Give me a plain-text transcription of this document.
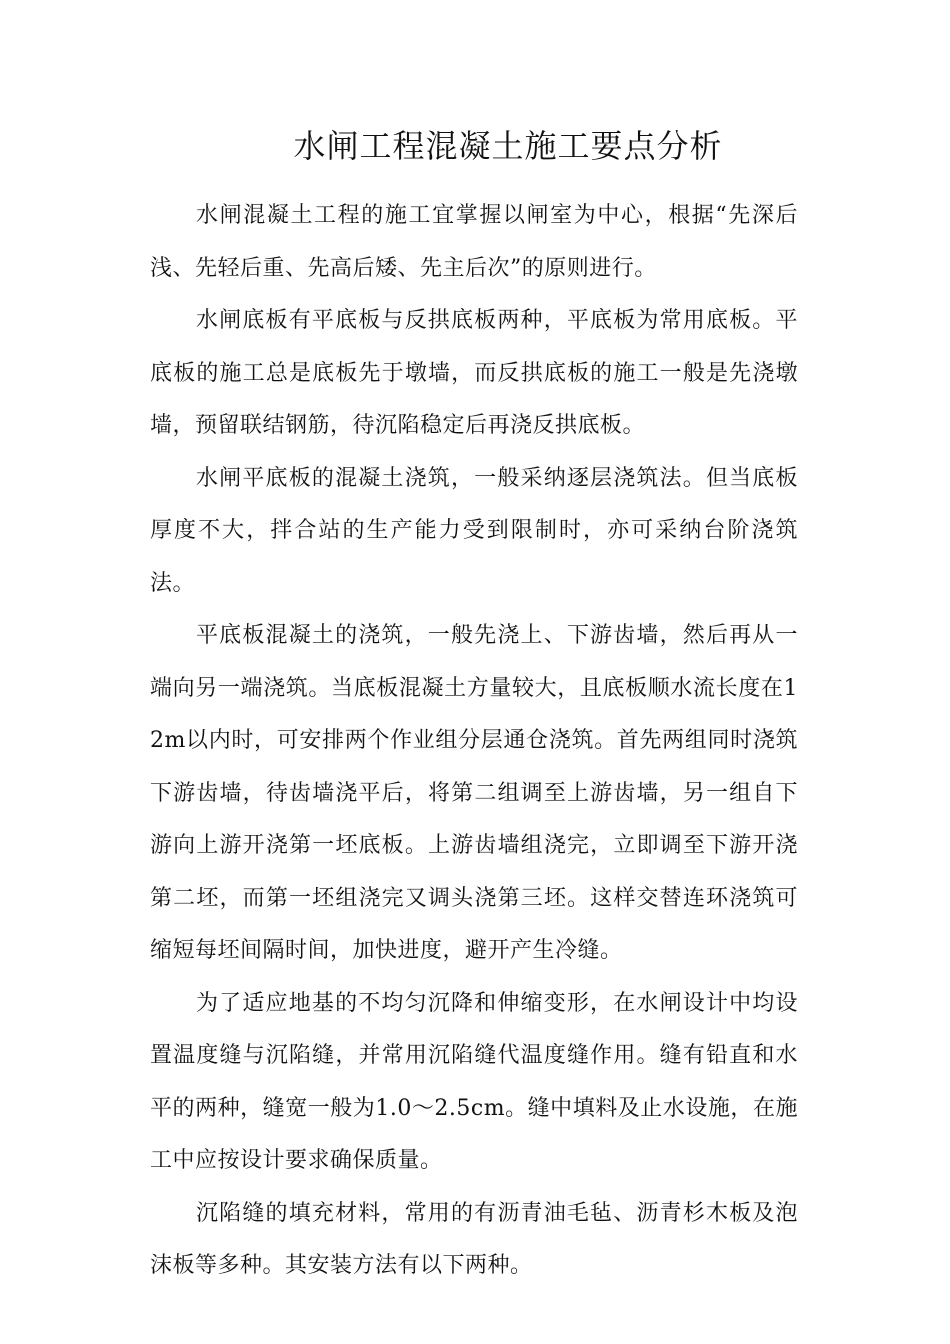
水闸工程混凝土施工要点分析

水闸混凝土工程的施工宜掌握以闸室为中心，根据“先深后浅、先轻后重、先高后矮、先主后次”的原则进行。

水闸底板有平底板与反拱底板两种，平底板为常用底板。平底板的施工总是底板先于墩墙，而反拱底板的施工一般是先浇墩墙，预留联结钢筋，待沉陷稳定后再浇反拱底板。

水闸平底板的混凝土浇筑，一般采纳逐层浇筑法。但当底板厚度不大，拌合站的生产能力受到限制时，亦可采纳台阶浇筑法。

平底板混凝土的浇筑，一般先浇上、下游齿墙，然后再从一端向另一端浇筑。当底板混凝土方量较大，且底板顺水流长度在12m以内时，可安排两个作业组分层通仓浇筑。首先两组同时浇筑下游齿墙，待齿墙浇平后，将第二组调至上游齿墙，另一组自下游向上游开浇第一坯底板。上游齿墙组浇完，立即调至下游开浇第二坯，而第一坯组浇完又调头浇第三坯。这样交替连环浇筑可缩短每坯间隔时间，加快进度，避开产生冷缝。

为了适应地基的不均匀沉降和伸缩变形，在水闸设计中均设置温度缝与沉陷缝，并常用沉陷缝代温度缝作用。缝有铅直和水平的两种，缝宽一般为1.0～2.5cm。缝中填料及止水设施，在施工中应按设计要求确保质量。

沉陷缝的填充材料，常用的有沥青油毛毡、沥青杉木板及泡沫板等多种。其安装方法有以下两种。
